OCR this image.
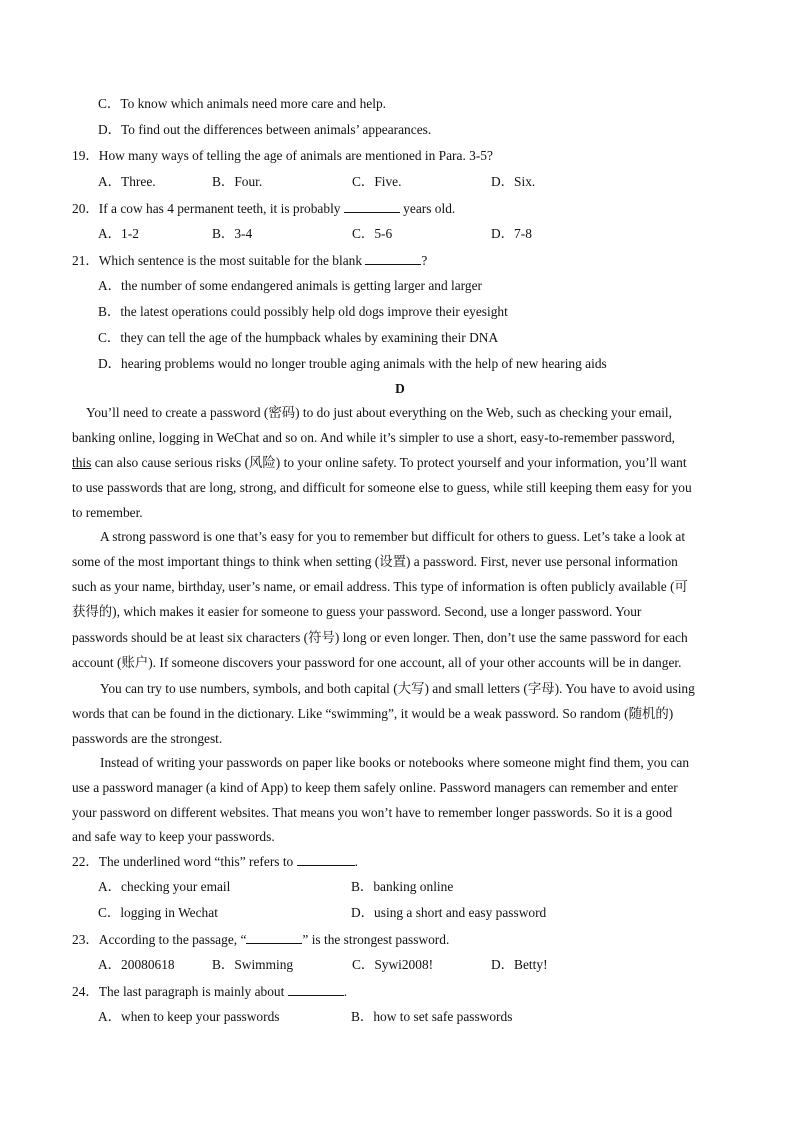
C．To know which animals need more care and help.
D．To find out the differences between animals’ appearances.
19．How many ways of telling the age of animals are mentioned in Para. 3-5?
A．Three.	B．Four.	C．Five.	D．Six.
20．If a cow has 4 permanent teeth, it is probably	years old.
A．1-2	B．3-4	C．5-6	D．7-8
21．Which sentence is the most suitable for the blank	?
A．the number of some endangered animals is getting larger and larger
B．the latest operations could possibly help old dogs improve their eyesight
C．they can tell the age of the humpback whales by examining their DNA
D．hearing problems would no longer trouble aging animals with the help of new hearing aids
D
You’ll need to create a password (密码) to do just about everything on the Web, such as checking your email,
banking online, logging in WeChat and so on. And while it’s simpler to use a short, easy-to-remember password,
this can also cause serious risks (风险) to your online safety. To protect yourself and your information, you’ll want
to use passwords that are long, strong, and difficult for someone else to guess, while still keeping them easy for you
to remember.
A strong password is one that’s easy for you to remember but difficult for others to guess. Let’s take a look at
some of the most important things to think when setting (设置) a password. First, never use personal information
such as your name, birthday, user’s name, or email address. This type of information is often publicly available (可
获得的), which makes it easier for someone to guess your password. Second, use a longer password. Your
passwords should be at least six characters (符号) long or even longer. Then, don’t use the same password for each
account (账户). If someone discovers your password for one account, all of your other accounts will be in danger.
You can try to use numbers, symbols, and both capital (大写) and small letters (字母). You have to avoid using
words that can be found in the dictionary. Like “swimming”, it would be a weak password. So random (随机的)
passwords are the strongest.
Instead of writing your passwords on paper like books or notebooks where someone might find them, you can
use a password manager (a kind of App) to keep them safely online. Password managers can remember and enter
your password on different websites. That means you won’t have to remember longer passwords. So it is a good
and safe way to keep your passwords.
22．The underlined word “this” refers to	.
A．checking your email	B．banking online
C．logging in Wechat	D．using a short and easy password
23．According to the passage, “	” is the strongest password.
A．20080618	B．Swimming	C．Sywi2008!	D．Betty!
24．The last paragraph is mainly about	.
A．when to keep your passwords	B．how to set safe passwords
